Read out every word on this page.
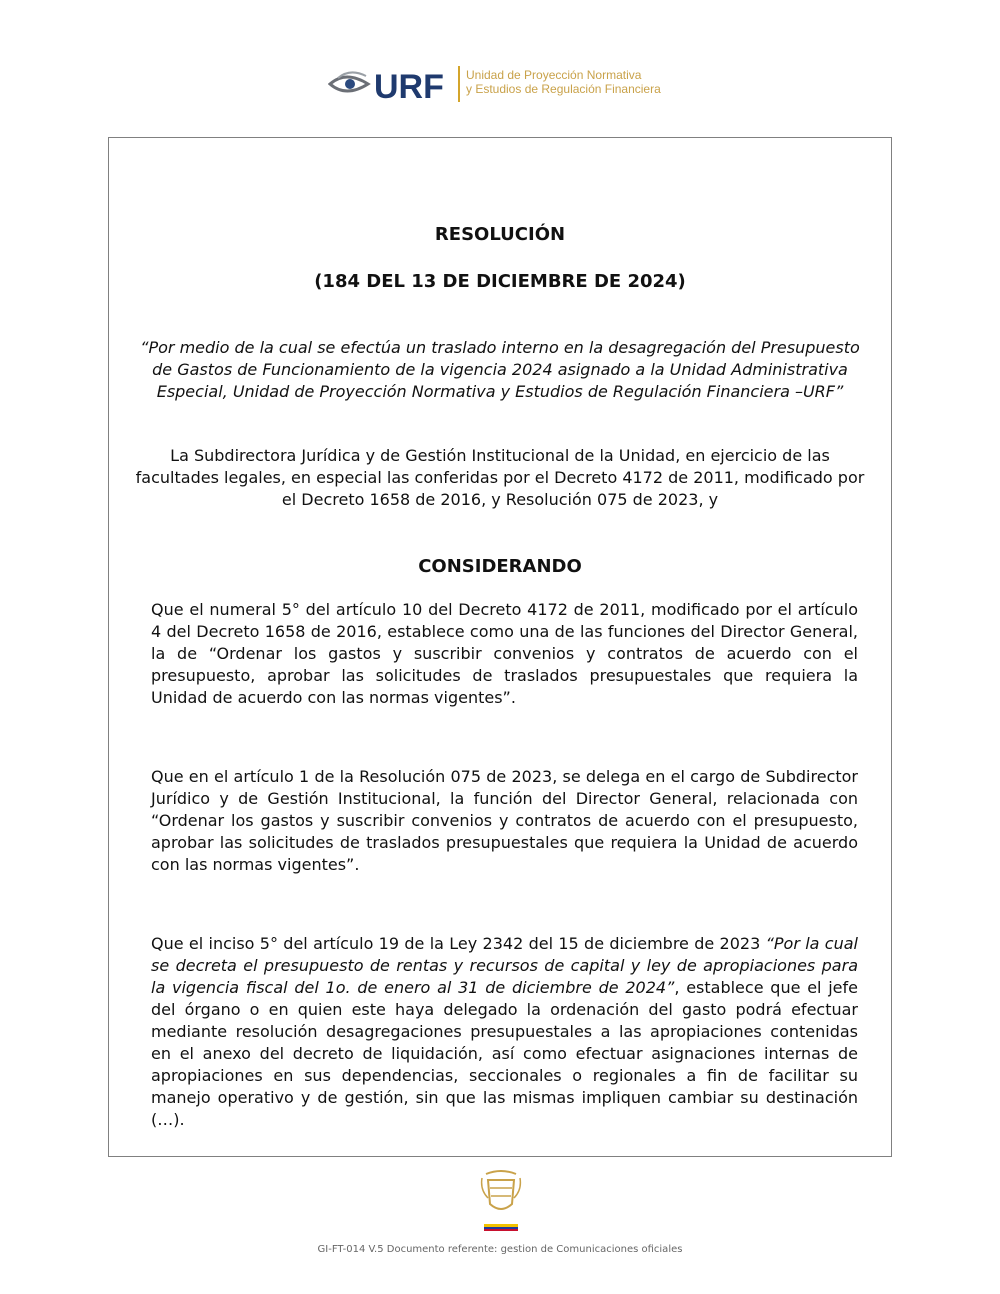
URF Unidad de Proyección Normativa
y Estudios de Regulación Financiera
RESOLUCIÓN
(184 DEL 13 DE DICIEMBRE DE 2024)

“Por medio de la cual se efectúa un traslado interno en la desagregación del Presupuesto de Gastos de Funcionamiento de la vigencia 2024 asignado a la Unidad Administrativa Especial, Unidad de Proyección Normativa y Estudios de Regulación Financiera –URF”

La Subdirectora Jurídica y de Gestión Institucional de la Unidad, en ejercicio de las facultades legales, en especial las conferidas por el Decreto 4172 de 2011, modificado por el Decreto 1658 de 2016, y Resolución 075 de 2023, y

CONSIDERANDO

Que el numeral 5° del artículo 10 del Decreto 4172 de 2011, modificado por el artículo 4 del Decreto 1658 de 2016, establece como una de las funciones del Director General, la de “Ordenar los gastos y suscribir convenios y contratos de acuerdo con el presupuesto, aprobar las solicitudes de traslados presupuestales que requiera la Unidad de acuerdo con las normas vigentes”.

Que en el artículo 1 de la Resolución 075 de 2023, se delega en el cargo de Subdirector Jurídico y de Gestión Institucional, la función del Director General, relacionada con “Ordenar los gastos y suscribir convenios y contratos de acuerdo con el presupuesto, aprobar las solicitudes de traslados presupuestales que requiera la Unidad de acuerdo con las normas vigentes”.

Que el inciso 5° del artículo 19 de la Ley 2342 del 15 de diciembre de 2023 “Por la cual se decreta el presupuesto de rentas y recursos de capital y ley de apropiaciones para la vigencia fiscal del 1o. de enero al 31 de diciembre de 2024”, establece que el jefe del órgano o en quien este haya delegado la ordenación del gasto podrá efectuar mediante resolución desagregaciones presupuestales a las apropiaciones contenidas en el anexo del decreto de liquidación, así como efectuar asignaciones internas de apropiaciones en sus dependencias, seccionales o regionales a fin de facilitar su manejo operativo y de gestión, sin que las mismas impliquen cambiar su destinación (…).

GI-FT-014 V.5 Documento referente: gestion de Comunicaciones oficiales
